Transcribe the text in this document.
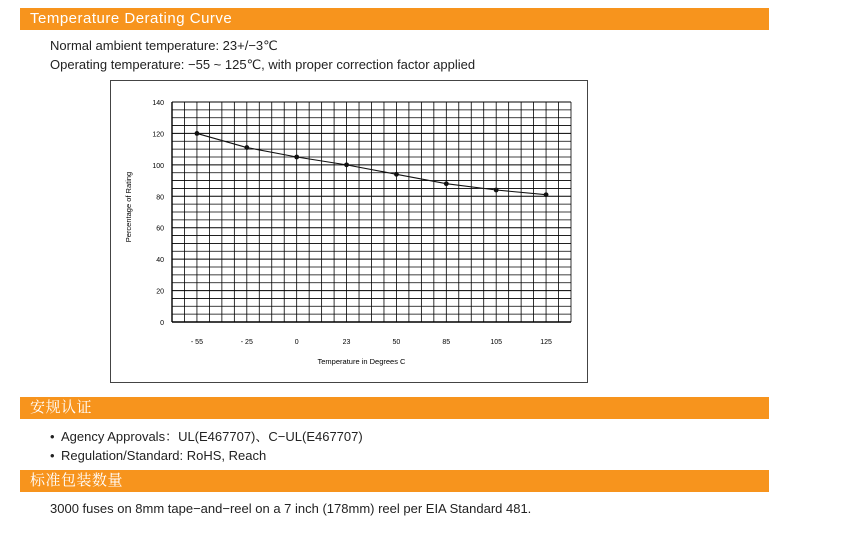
Temperature Derating Curve
Normal ambient temperature: 23+/−3℃
Operating temperature: −55 ~ 125℃, with proper correction factor applied
0
20
40
60
80
100
120
140
- 55	- 25	0	23	50	85	105	125
Temperature in Degrees C
Percentage of Rating
安规认证
• Agency Approvals：UL(E467707)、C−UL(E467707)
• Regulation/Standard: RoHS, Reach
标准包装数量
3000 fuses on 8mm tape−and−reel on a 7 inch (178mm) reel per EIA Standard 481.
